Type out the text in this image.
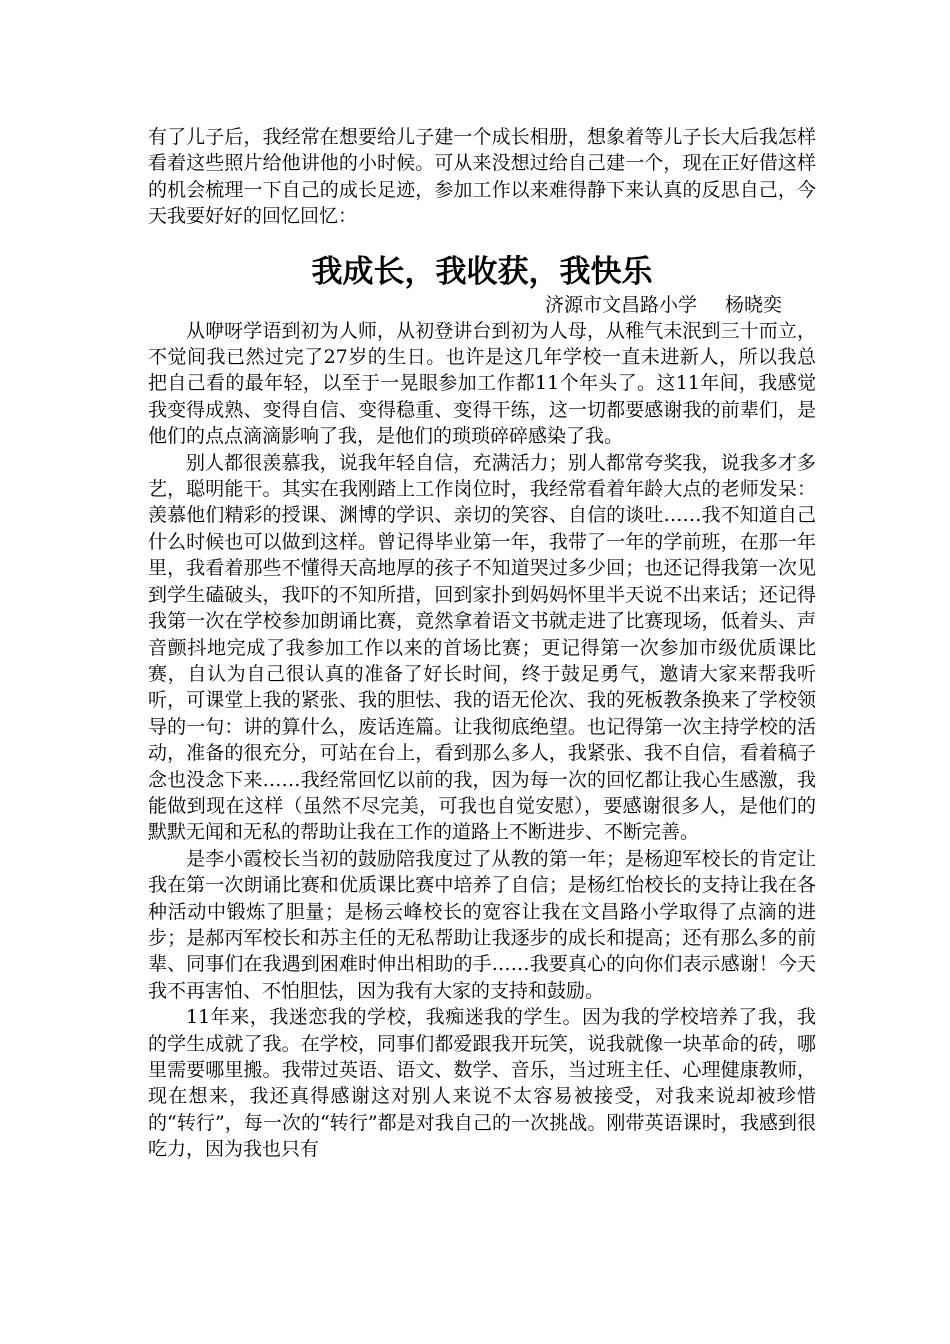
有了儿子后，我经常在想要给儿子建一个成长相册，想象着等儿子长大后我怎样看着这些照片给他讲他的小时候。可从来没想过给自己建一个，现在正好借这样的机会梳理一下自己的成长足迹，参加工作以来难得静下来认真的反思自己，今天我要好好的回忆回忆：

我成长，我收获，我快乐

济源市文昌路小学 杨晓奕

从咿呀学语到初为人师，从初登讲台到初为人母，从稚气未泯到三十而立，不觉间我已然过完了27岁的生日。也许是这几年学校一直未进新人，所以我总把自己看的最年轻，以至于一晃眼参加工作都11个年头了。这11年间，我感觉我变得成熟、变得自信、变得稳重、变得干练，这一切都要感谢我的前辈们，是他们的点点滴滴影响了我，是他们的琐琐碎碎感染了我。

别人都很羡慕我，说我年轻自信，充满活力；别人都常夸奖我，说我多才多艺，聪明能干。其实在我刚踏上工作岗位时，我经常看着年龄大点的老师发呆：羡慕他们精彩的授课、渊博的学识、亲切的笑容、自信的谈吐……我不知道自己什么时候也可以做到这样。曾记得毕业第一年，我带了一年的学前班，在那一年里，我看着那些不懂得天高地厚的孩子不知道哭过多少回；也还记得我第一次见到学生磕破头，我吓的不知所措，回到家扑到妈妈怀里半天说不出来话；还记得我第一次在学校参加朗诵比赛，竟然拿着语文书就走进了比赛现场，低着头、声音颤抖地完成了我参加工作以来的首场比赛；更记得第一次参加市级优质课比赛，自认为自己很认真的准备了好长时间，终于鼓足勇气，邀请大家来帮我听听，可课堂上我的紧张、我的胆怯、我的语无伦次、我的死板教条换来了学校领导的一句：讲的算什么，废话连篇。让我彻底绝望。也记得第一次主持学校的活动，准备的很充分，可站在台上，看到那么多人，我紧张、我不自信，看着稿子念也没念下来……我经常回忆以前的我，因为每一次的回忆都让我心生感激，我能做到现在这样（虽然不尽完美，可我也自觉安慰），要感谢很多人，是他们的默默无闻和无私的帮助让我在工作的道路上不断进步、不断完善。

是李小霞校长当初的鼓励陪我度过了从教的第一年；是杨迎军校长的肯定让我在第一次朗诵比赛和优质课比赛中培养了自信；是杨红怡校长的支持让我在各种活动中锻炼了胆量；是杨云峰校长的宽容让我在文昌路小学取得了点滴的进步；是郝丙军校长和苏主任的无私帮助让我逐步的成长和提高；还有那么多的前辈、同事们在我遇到困难时伸出相助的手……我要真心的向你们表示感谢！今天我不再害怕、不怕胆怯，因为我有大家的支持和鼓励。

11年来，我迷恋我的学校，我痴迷我的学生。因为我的学校培养了我，我的学生成就了我。在学校，同事们都爱跟我开玩笑，说我就像一块革命的砖，哪里需要哪里搬。我带过英语、语文、数学、音乐，当过班主任、心理健康教师，现在想来，我还真得感谢这对别人来说不太容易被接受，对我来说却被珍惜的“转行”，每一次的“转行”都是对我自己的一次挑战。刚带英语课时，我感到很吃力，因为我也只有
